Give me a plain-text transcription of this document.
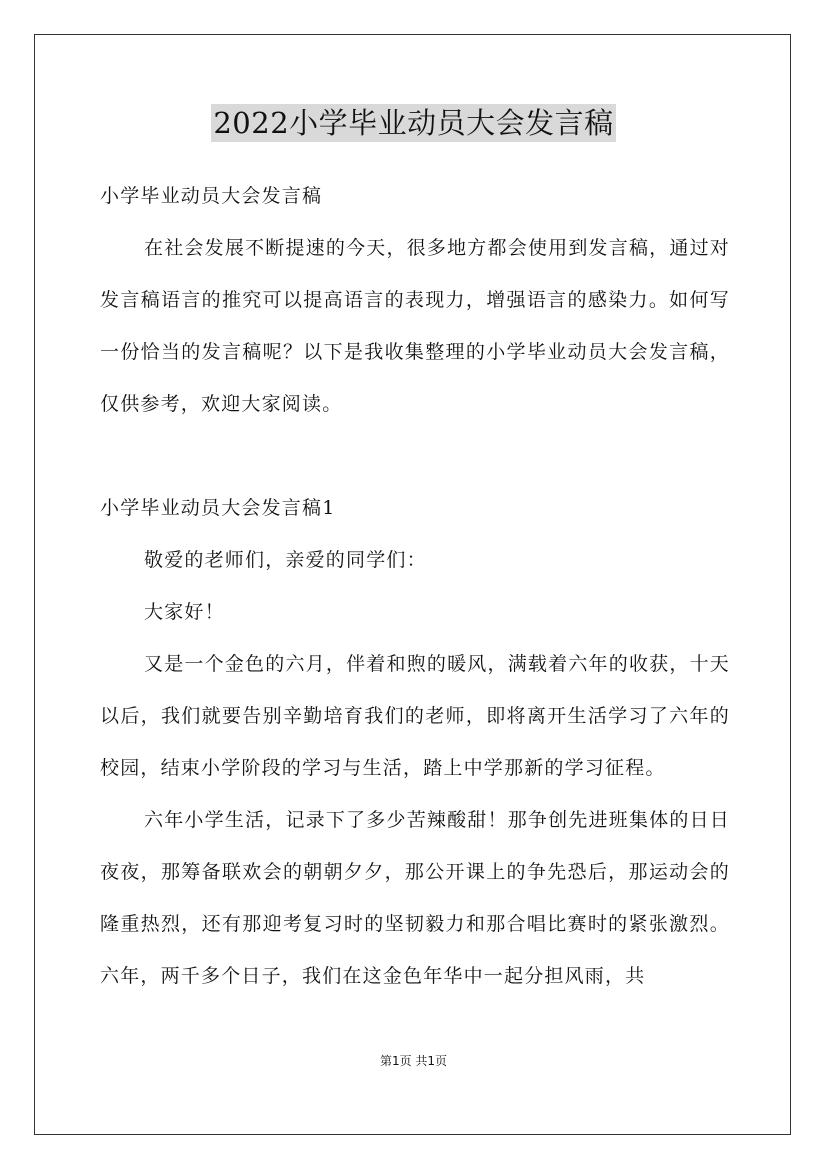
2022小学毕业动员大会发言稿

小学毕业动员大会发言稿

在社会发展不断提速的今天，很多地方都会使用到发言稿，通过对发言稿语言的推究可以提高语言的表现力，增强语言的感染力。如何写一份恰当的发言稿呢？以下是我收集整理的小学毕业动员大会发言稿，仅供参考，欢迎大家阅读。

小学毕业动员大会发言稿1

敬爱的老师们，亲爱的同学们：

大家好！

又是一个金色的六月，伴着和煦的暖风，满载着六年的收获，十天以后，我们就要告别辛勤培育我们的老师，即将离开生活学习了六年的校园，结束小学阶段的学习与生活，踏上中学那新的学习征程。

六年小学生活，记录下了多少苦辣酸甜！那争创先进班集体的日日夜夜，那筹备联欢会的朝朝夕夕，那公开课上的争先恐后，那运动会的隆重热烈，还有那迎考复习时的坚韧毅力和那合唱比赛时的紧张激烈。六年，两千多个日子，我们在这金色年华中一起分担风雨，共

第1页 共1页
